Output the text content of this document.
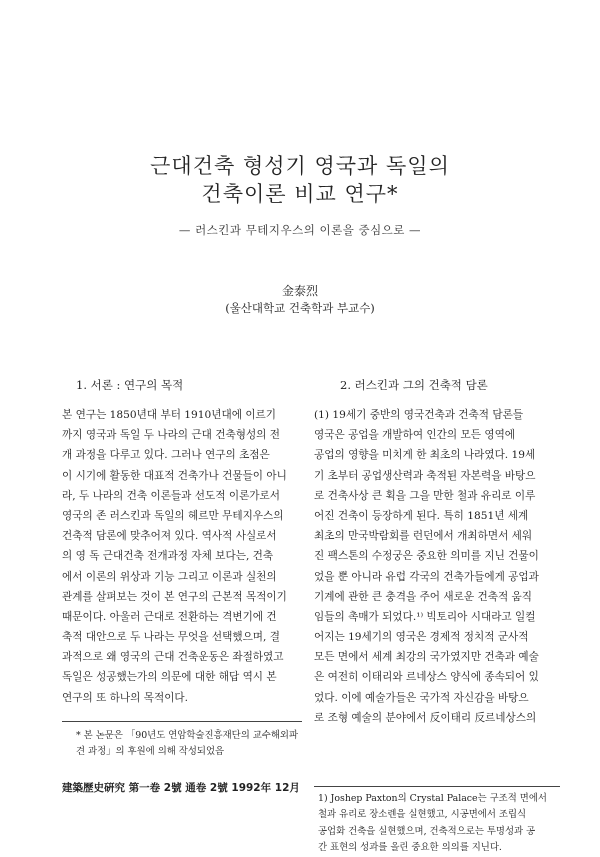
근대건축 형성기 영국과 독일의
건축이론 비교 연구*
— 러스킨과 무테지우스의 이론을 중심으로 —
金泰烈
(울산대학교 건축학과 부교수)
1. 서론 : 연구의 목적	2. 러스킨과 그의 건축적 담론
본 연구는 1850년대 부터 1910년대에 이르기
까지 영국과 독일 두 나라의 근대 건축형성의 전
개 과정을 다루고 있다. 그러나 연구의 초점은
이 시기에 활동한 대표적 건축가나 건물들이 아니
라, 두 나라의 건축 이론들과 선도적 이론가로서
영국의 존 러스킨과 독일의 헤르만 무테지우스의
건축적 담론에 맞추어져 있다. 역사적 사실로서
의 영 독 근대건축 전개과정 자체 보다는, 건축
에서 이론의 위상과 기능 그리고 이론과 실천의
관계를 살펴보는 것이 본 연구의 근본적 목적이기
때문이다. 아울러 근대로 전환하는 격변기에 건
축적 대안으로 두 나라는 무엇을 선택했으며, 결
과적으로 왜 영국의 근대 건축운동은 좌절하였고
독일은 성공했는가의 의문에 대한 해답 역시 본
연구의 또 하나의 목적이다.
(1) 19세기 중반의 영국건축과 건축적 담론들
영국은 공업을 개발하여 인간의 모든 영역에
공업의 영향을 미치게 한 최초의 나라였다. 19세
기 초부터 공업생산력과 축적된 자본력을 바탕으
로 건축사상 큰 획을 그을 만한 철과 유리로 이루
어진 건축이 등장하게 된다. 특히 1851년 세계
최초의 만국박람회를 런던에서 개최하면서 세워
진 팩스톤의 수정궁은 중요한 의미를 지닌 건물이
었을 뿐 아니라 유럽 각국의 건축가들에게 공업과
기계에 관한 큰 충격을 주어 새로운 건축적 움직
임들의 촉매가 되었다.¹⁾ 빅토리아 시대라고 일컬
어지는 19세기의 영국은 경제적 정치적 군사적
모든 면에서 세계 최강의 국가였지만 건축과 예술
은 여전히 이태리와 르네상스 양식에 종속되어 있
었다. 이에 예술가들은 국가적 자신감을 바탕으
로 조형 예술의 분야에서 反이태리 反르네상스의
* 본 논문은 「90년도 연암학술진흥재단의 교수해외파
견 과정」의 후원에 의해 작성되었음
1) Joshep Paxton의 Crystal Palace는 구조적 면에서
철과 유리로 장소렌을 실현했고, 시공면에서 조립식
공업화 건축을 실현했으며, 건축적으로는 투명성과 공
간 표현의 성과를 올린 중요한 의의를 지닌다.
建築歷史硏究 第一卷 2號 通卷 2號 1992年 12月
